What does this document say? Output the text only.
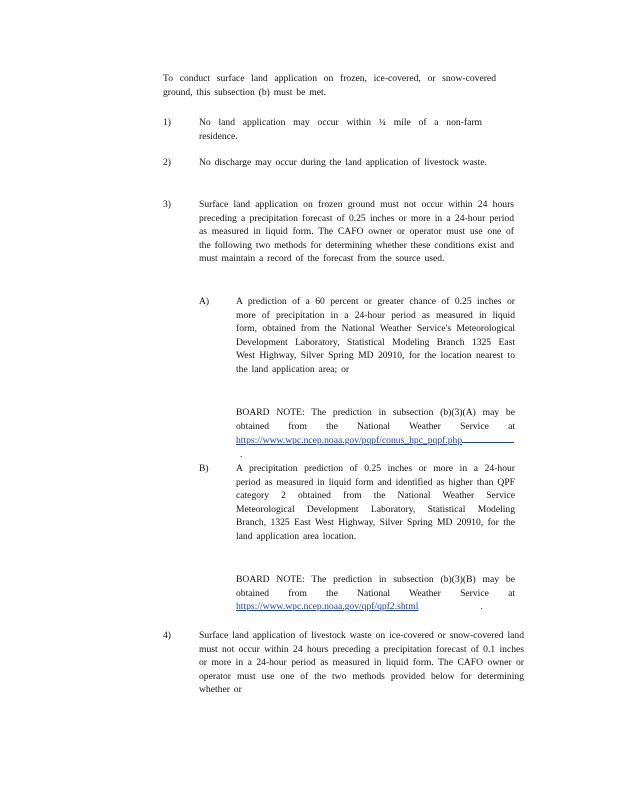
To conduct surface land application on frozen, ice-covered, or snow-covered ground, this subsection (b) must be met.
1)	No land application may occur within ¼ mile of a non-farm residence.
2)	No discharge may occur during the land application of livestock waste.
3)	Surface land application on frozen ground must not occur within 24 hours preceding a precipitation forecast of 0.25 inches or more in a 24-hour period as measured in liquid form. The CAFO owner or operator must use one of the following two methods for determining whether these conditions exist and must maintain a record of the forecast from the source used.
A)	A prediction of a 60 percent or greater chance of 0.25 inches or more of precipitation in a 24-hour period as measured in liquid form, obtained from the National Weather Service's Meteorological Development Laboratory, Statistical Modeling Branch 1325 East West Highway, Silver Spring MD 20910, for the location nearest to the land application area; or
BOARD NOTE: The prediction in subsection (b)(3)(A) may be obtained from the National Weather Service at https://www.wpc.ncep.noaa.gov/pqpf/conus_hpc_pqpf.php.
B)	A precipitation prediction of 0.25 inches or more in a 24-hour period as measured in liquid form and identified as higher than QPF category 2 obtained from the National Weather Service Meteorological Development Laboratory, Statistical Modeling Branch, 1325 East West Highway, Silver Spring MD 20910, for the land application area location.
BOARD NOTE: The prediction in subsection (b)(3)(B) may be obtained from the National Weather Service at https://www.wpc.ncep.noaa.gov/qpf/qpf2.shtml	.
4)	Surface land application of livestock waste on ice-covered or snow-covered land must not occur within 24 hours preceding a precipitation forecast of 0.1 inches or more in a 24-hour period as measured in liquid form. The CAFO owner or operator must use one of the two methods provided below for determining whether or
